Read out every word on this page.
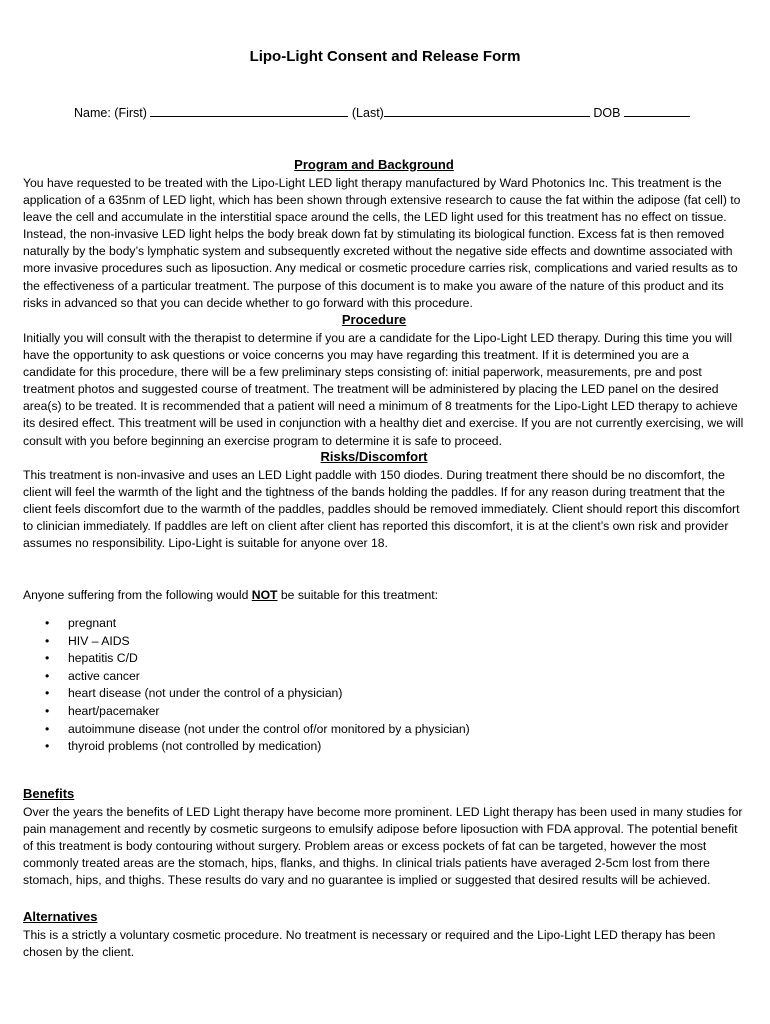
Lipo-Light Consent and Release Form
Name: (First)	(Last)	DOB
Program and Background
You have requested to be treated with the Lipo-Light LED light therapy manufactured by Ward Photonics Inc. This treatment is the application of a 635nm of LED light, which has been shown through extensive research to cause the fat within the adipose (fat cell) to leave the cell and accumulate in the interstitial space around the cells, the LED light used for this treatment has no effect on tissue. Instead, the non-invasive LED light helps the body break down fat by stimulating its biological function. Excess fat is then removed naturally by the body’s lymphatic system and subsequently excreted without the negative side effects and downtime associated with more invasive procedures such as liposuction. Any medical or cosmetic procedure carries risk, complications and varied results as to the effectiveness of a particular treatment. The purpose of this document is to make you aware of the nature of this product and its risks in advanced so that you can decide whether to go forward with this procedure.
Procedure
Initially you will consult with the therapist to determine if you are a candidate for the Lipo-Light LED therapy. During this time you will have the opportunity to ask questions or voice concerns you may have regarding this treatment. If it is determined you are a candidate for this procedure, there will be a few preliminary steps consisting of: initial paperwork, measurements, pre and post treatment photos and suggested course of treatment. The treatment will be administered by placing the LED panel on the desired area(s) to be treated. It is recommended that a patient will need a minimum of 8 treatments for the Lipo-Light LED therapy to achieve its desired effect. This treatment will be used in conjunction with a healthy diet and exercise. If you are not currently exercising, we will consult with you before beginning an exercise program to determine it is safe to proceed.
Risks/Discomfort
This treatment is non-invasive and uses an LED Light paddle with 150 diodes. During treatment there should be no discomfort, the client will feel the warmth of the light and the tightness of the bands holding the paddles. If for any reason during treatment that the client feels discomfort due to the warmth of the paddles, paddles should be removed immediately. Client should report this discomfort to clinician immediately. If paddles are left on client after client has reported this discomfort, it is at the client’s own risk and provider assumes no responsibility. Lipo-Light is suitable for anyone over 18.
Anyone suffering from the following would NOT be suitable for this treatment:
• pregnant
• HIV – AIDS
• hepatitis C/D
• active cancer
• heart disease (not under the control of a physician)
• heart/pacemaker
• autoimmune disease (not under the control of/or monitored by a physician)
• thyroid problems (not controlled by medication)
Benefits
Over the years the benefits of LED Light therapy have become more prominent. LED Light therapy has been used in many studies for pain management and recently by cosmetic surgeons to emulsify adipose before liposuction with FDA approval. The potential benefit of this treatment is body contouring without surgery. Problem areas or excess pockets of fat can be targeted, however the most commonly treated areas are the stomach, hips, flanks, and thighs. In clinical trials patients have averaged 2-5cm lost from there stomach, hips, and thighs. These results do vary and no guarantee is implied or suggested that desired results will be achieved.
Alternatives
This is a strictly a voluntary cosmetic procedure. No treatment is necessary or required and the Lipo-Light LED therapy has been chosen by the client.
